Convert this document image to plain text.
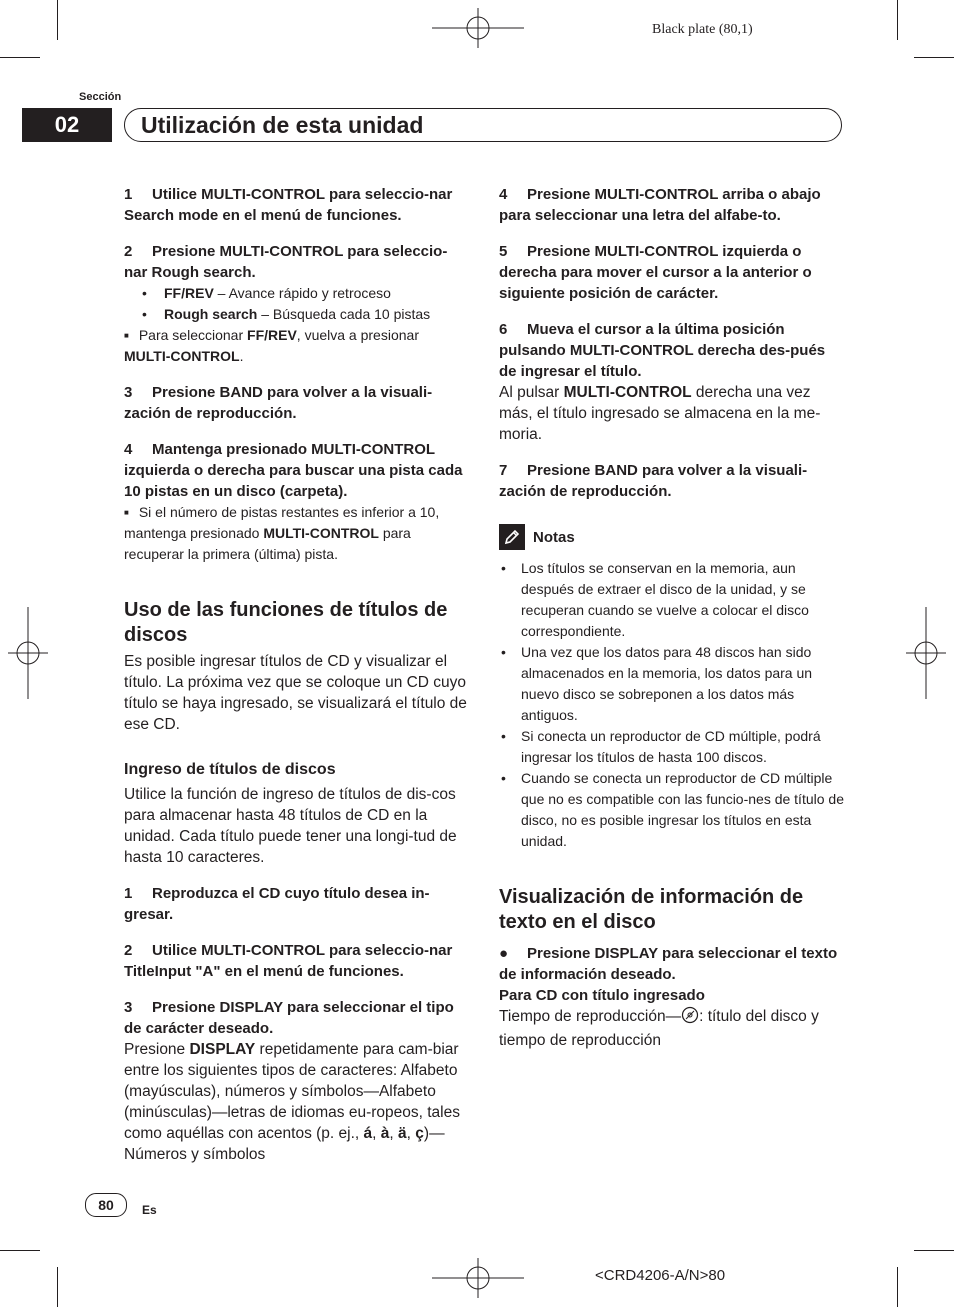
Black plate (80,1)
Sección
02	Utilización de esta unidad
1 Utilice MULTI-CONTROL para seleccio-nar Search mode en el menú de funciones.
2 Presione MULTI-CONTROL para seleccio-nar Rough search.
• FF/REV – Avance rápido y retroceso
• Rough search – Búsqueda cada 10 pistas
■ Para seleccionar FF/REV, vuelva a presionar
MULTI-CONTROL.
3 Presione BAND para volver a la visuali-zación de reproducción.
4 Mantenga presionado MULTI-CONTROL izquierda o derecha para buscar una pista cada 10 pistas en un disco (carpeta).
■ Si el número de pistas restantes es inferior a 10, mantenga presionado MULTI-CONTROL para recuperar la primera (última) pista.
Uso de las funciones de títulos de discos
Es posible ingresar títulos de CD y visualizar el título. La próxima vez que se coloque un CD cuyo título se haya ingresado, se visualizará el título de ese CD.
Ingreso de títulos de discos
Utilice la función de ingreso de títulos de dis-cos para almacenar hasta 48 títulos de CD en la unidad. Cada título puede tener una longi-tud de hasta 10 caracteres.
1 Reproduzca el CD cuyo título desea in-gresar.
2 Utilice MULTI-CONTROL para seleccio-nar TitleInput "A" en el menú de funciones.
3 Presione DISPLAY para seleccionar el tipo de carácter deseado.
Presione DISPLAY repetidamente para cam-biar entre los siguientes tipos de caracteres: Alfabeto (mayúsculas), números y símbolos—Alfabeto (minúsculas)—letras de idiomas eu-ropeos, tales como aquéllas con acentos (p. ej., á, à, ä, ç)—Números y símbolos
4 Presione MULTI-CONTROL arriba o abajo para seleccionar una letra del alfabe-to.
5 Presione MULTI-CONTROL izquierda o derecha para mover el cursor a la anterior o siguiente posición de carácter.
6 Mueva el cursor a la última posición pulsando MULTI-CONTROL derecha des-pués de ingresar el título.
Al pulsar MULTI-CONTROL derecha una vez más, el título ingresado se almacena en la me-moria.
7 Presione BAND para volver a la visuali-zación de reproducción.
Notas
• Los títulos se conservan en la memoria, aun después de extraer el disco de la unidad, y se recuperan cuando se vuelve a colocar el disco correspondiente.
• Una vez que los datos para 48 discos han sido almacenados en la memoria, los datos para un nuevo disco se sobreponen a los datos más antiguos.
• Si conecta un reproductor de CD múltiple, podrá ingresar los títulos de hasta 100 discos.
• Cuando se conecta un reproductor de CD múltiple que no es compatible con las funcio-nes de título de disco, no es posible ingresar los títulos en esta unidad.
Visualización de información de texto en el disco
● Presione DISPLAY para seleccionar el texto de información deseado.
Para CD con título ingresado
Tiempo de reproducción— : título del disco y tiempo de reproducción
80	Es
<CRD4206-A/N>80
